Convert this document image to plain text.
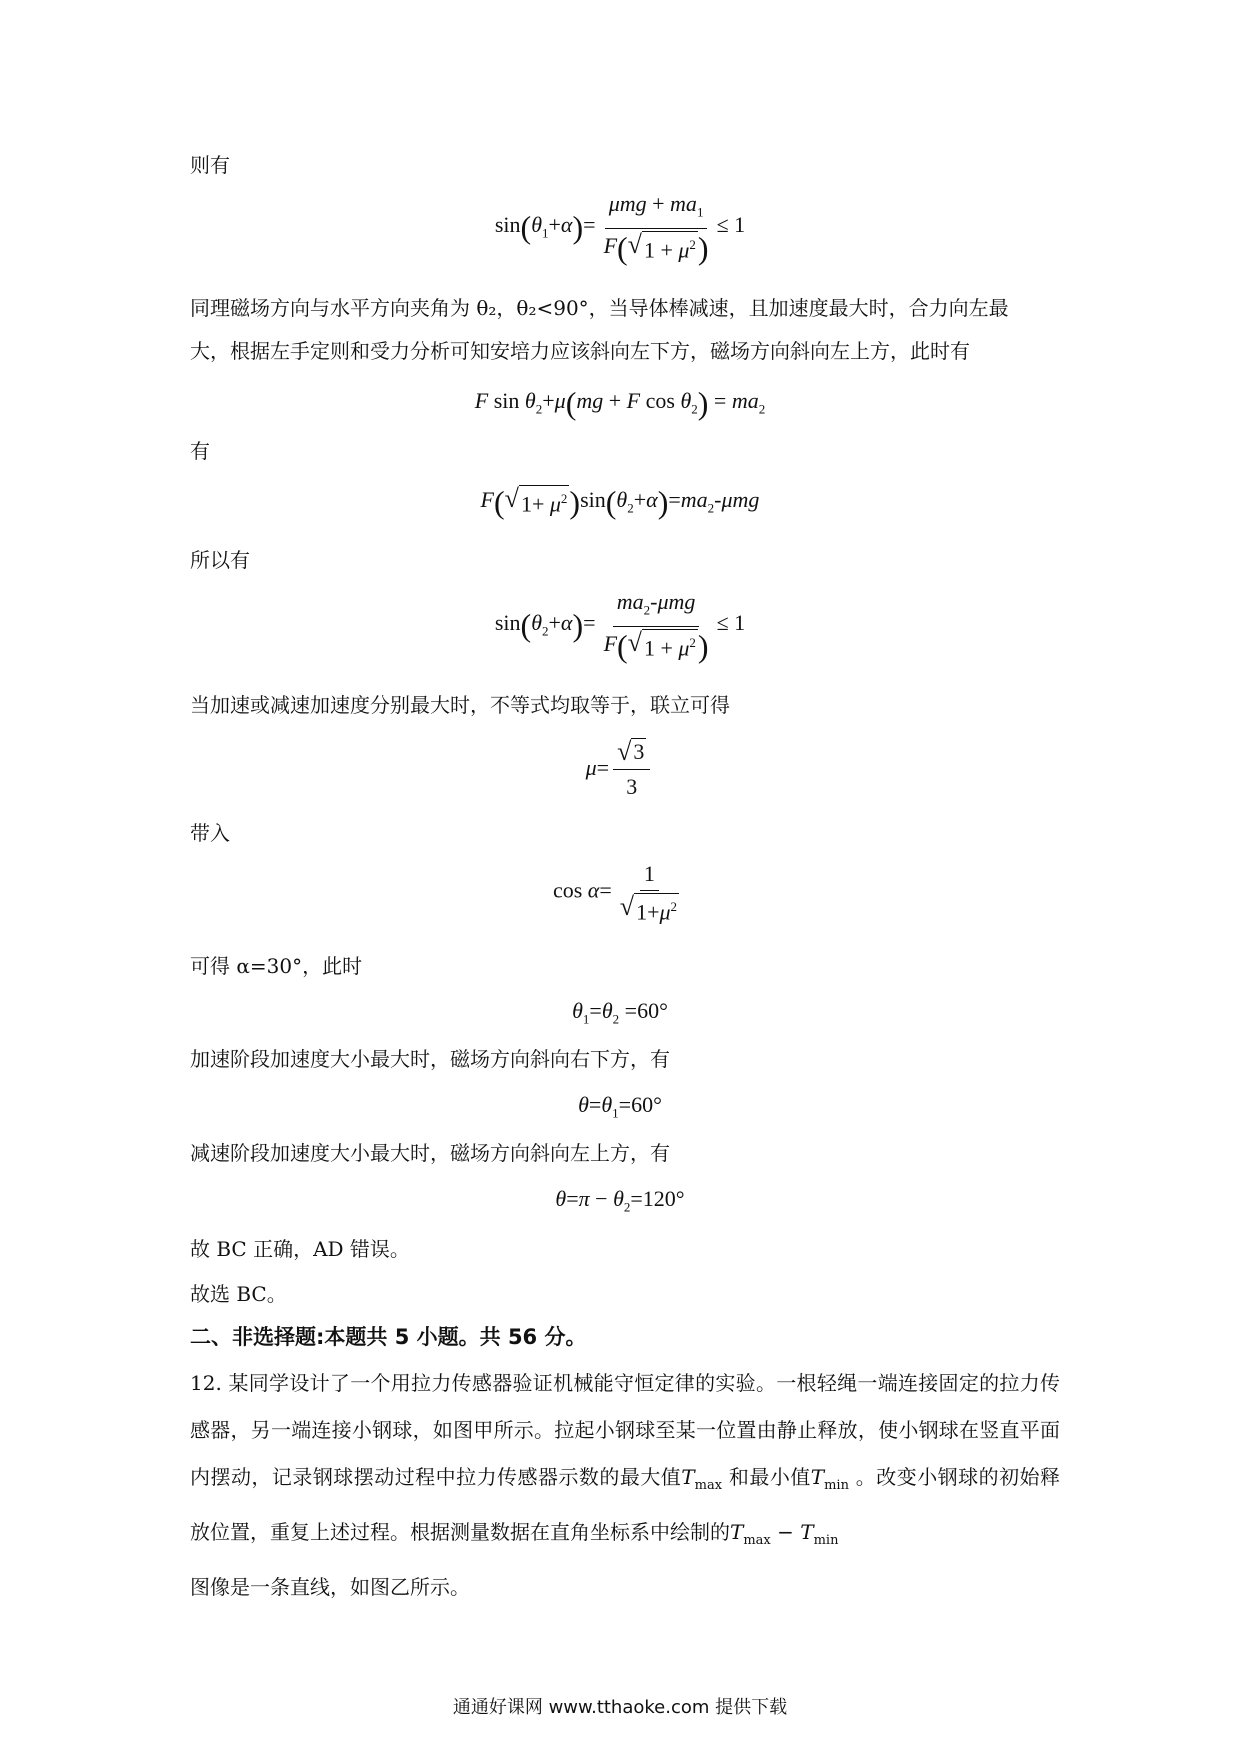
则有
$\sin(\theta_1+\alpha)= \frac{\mu mg + ma_1}{F( √ 1 + \mu^2 )} \le 1$
同理磁场方向与水平方向夹角为 θ₂，θ₂<90°，当导体棒减速，且加速度最大时，合力向左最
大，根据左手定则和受力分析可知安培力应该斜向左下方，磁场方向斜向左上方，此时有
F $\sin \theta_2+\mu(mg + F$ $\cos \theta_2) = ma_2$
有
F( √ $1+ \mu^2$ )$\sin(\theta_2+\alpha)=ma_2$-μmg
所以有
$\sin(\theta_2+\alpha)= \frac{ma_2-\mu mg}{F( √ 1 + \mu^2 )} \le 1$
当加速或减速加速度分别最大时，不等式均取等于，联立可得
$\mu= \frac{√ 3}{3}$
带入
$\cos \alpha= \frac{1}{√ 1+\mu^2}$
可得 α=30°，此时
$\theta_1=\theta_2 =60^\circ$
加速阶段加速度大小最大时，磁场方向斜向右下方，有
$\theta=\theta_1=60^\circ$
减速阶段加速度大小最大时，磁场方向斜向左上方，有
$\theta=\pi - \theta_2=120^\circ$
故 BC 正确，AD 错误。
故选 BC。
二、非选择题:本题共 5 小题。共 56 分。
12. 某同学设计了一个用拉力传感器验证机械能守恒定律的实验。一根轻绳一端连接固定的拉力传感器，另一端连接小钢球，如图甲所示。拉起小钢球至某一位置由静止释放，使小钢球在竖直平面内摆动，记录钢球摆动过程中拉力传感器示数的最大值$T_{max}$ 和最小值$T_{min}$ 。改变小钢球的初始释放位置，重复上述过程。根据测量数据在直角坐标系中绘制的$T_{max} - T_{min}$
图像是一条直线，如图乙所示。
通通好课网 www.tthaoke.com 提供下载
